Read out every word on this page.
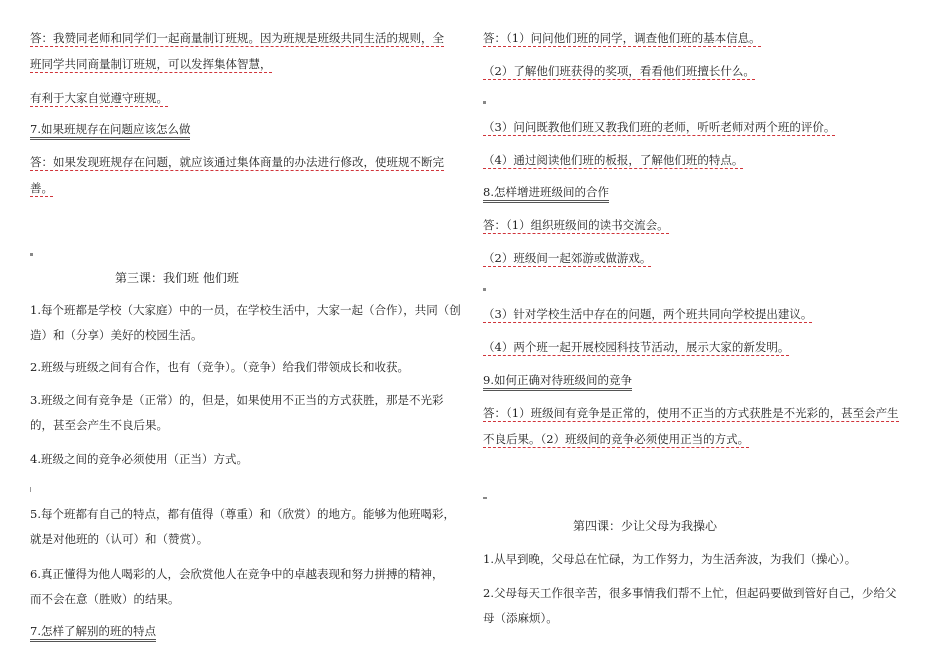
答：我赞同老师和同学们一起商量制订班规。因为班规是班级共同生活的规则，全

班同学共同商量制订班规，可以发挥集体智慧，

有利于大家自觉遵守班规。

7.如果班规存在问题应该怎么做

答：如果发现班规存在问题，就应该通过集体商量的办法进行修改，使班规不断完

善。

第三课：我们班 他们班

1.每个班都是学校（大家庭）中的一员，在学校生活中，大家一起（合作），共同（创

造）和（分享）美好的校园生活。

2.班级与班级之间有合作，也有（竞争）。（竞争）给我们带领成长和收获。

3.班级之间有竞争是（正常）的，但是，如果使用不正当的方式获胜，那是不光彩

的，甚至会产生不良后果。

4.班级之间的竞争必须使用（正当）方式。

5.每个班都有自己的特点，都有值得（尊重）和（欣赏）的地方。能够为他班喝彩，

就是对他班的（认可）和（赞赏）。

6.真正懂得为他人喝彩的人，会欣赏他人在竞争中的卓越表现和努力拼搏的精神，

而不会在意（胜败）的结果。

7.怎样了解别的班的特点

答：（1）问问他们班的同学，调查他们班的基本信息。

（2）了解他们班获得的奖项，看看他们班擅长什么。

（3）问问既教他们班又教我们班的老师，听听老师对两个班的评价。

（4）通过阅读他们班的板报，了解他们班的特点。

8.怎样增进班级间的合作

答：（1）组织班级间的读书交流会。

（2）班级间一起郊游或做游戏。

（3）针对学校生活中存在的问题，两个班共同向学校提出建议。

（4）两个班一起开展校园科技节活动，展示大家的新发明。

9.如何正确对待班级间的竞争

答：（1）班级间有竞争是正常的，使用不正当的方式获胜是不光彩的，甚至会产生

不良后果。（2）班级间的竞争必须使用正当的方式。

第四课：少让父母为我操心

1.从早到晚，父母总在忙碌，为工作努力，为生活奔波，为我们（操心）。

2.父母每天工作很辛苦，很多事情我们帮不上忙，但起码要做到管好自己，少给父

母（添麻烦）。
